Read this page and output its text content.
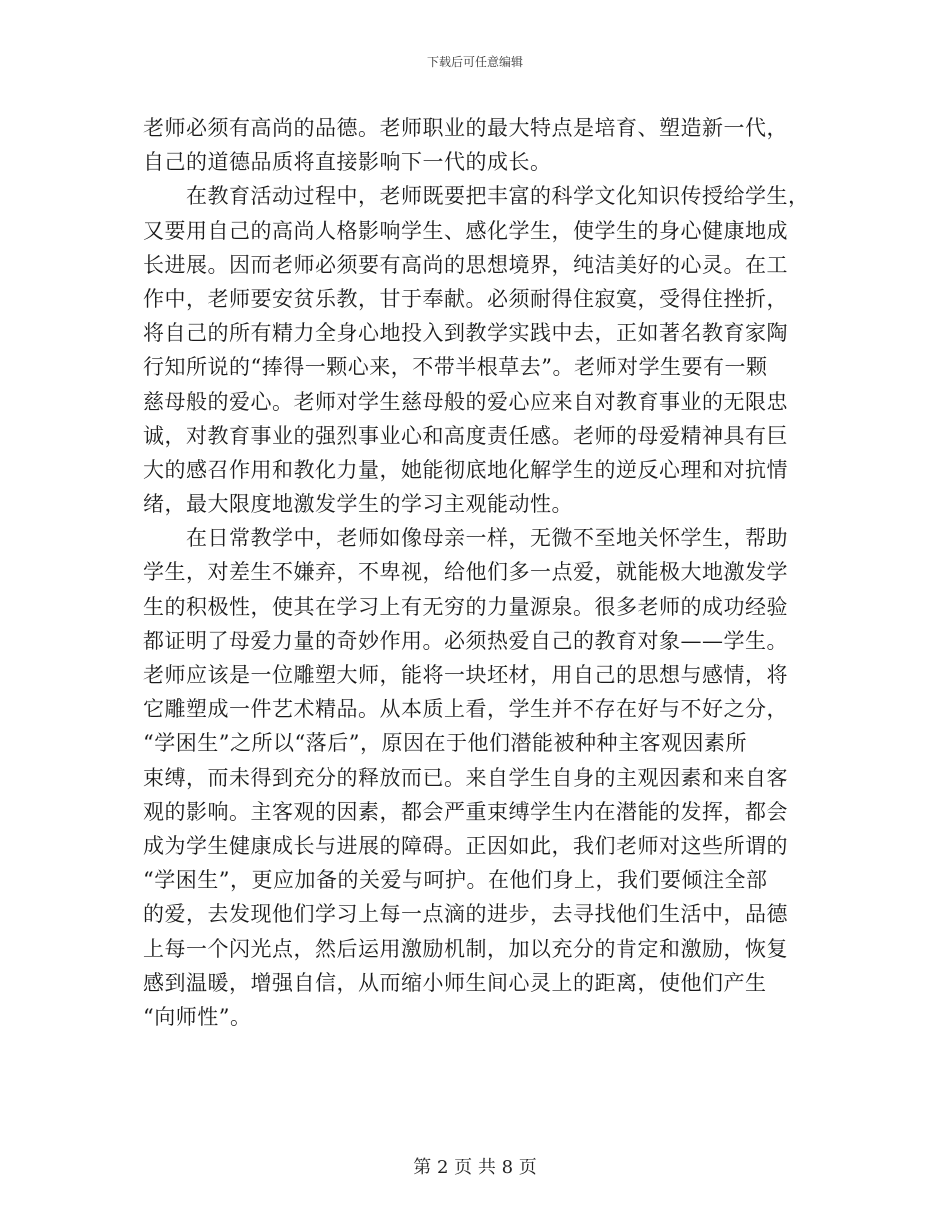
下载后可任意编辑
老师必须有高尚的品德。老师职业的最大特点是培育、塑造新一代，
自己的道德品质将直接影响下一代的成长。
　　在教育活动过程中，老师既要把丰富的科学文化知识传授给学生，
又要用自己的高尚人格影响学生、感化学生，使学生的身心健康地成
长进展。因而老师必须要有高尚的思想境界，纯洁美好的心灵。在工
作中，老师要安贫乐教，甘于奉献。必须耐得住寂寞，受得住挫折，
将自己的所有精力全身心地投入到教学实践中去，正如著名教育家陶
行知所说的“捧得一颗心来，不带半根草去”。老师对学生要有一颗
慈母般的爱心。老师对学生慈母般的爱心应来自对教育事业的无限忠
诚，对教育事业的强烈事业心和高度责任感。老师的母爱精神具有巨
大的感召作用和教化力量，她能彻底地化解学生的逆反心理和对抗情
绪，最大限度地激发学生的学习主观能动性。
　　在日常教学中，老师如像母亲一样，无微不至地关怀学生，帮助
学生，对差生不嫌弃，不卑视，给他们多一点爱，就能极大地激发学
生的积极性，使其在学习上有无穷的力量源泉。很多老师的成功经验
都证明了母爱力量的奇妙作用。必须热爱自己的教育对象——学生。
老师应该是一位雕塑大师，能将一块坯材，用自己的思想与感情，将
它雕塑成一件艺术精品。从本质上看，学生并不存在好与不好之分，
“学困生”之所以“落后”，原因在于他们潜能被种种主客观因素所
束缚，而未得到充分的释放而已。来自学生自身的主观因素和来自客
观的影响。主客观的因素，都会严重束缚学生内在潜能的发挥，都会
成为学生健康成长与进展的障碍。正因如此，我们老师对这些所谓的
“学困生”，更应加备的关爱与呵护。在他们身上，我们要倾注全部
的爱，去发现他们学习上每一点滴的进步，去寻找他们生活中，品德
上每一个闪光点，然后运用激励机制，加以充分的肯定和激励，恢复
感到温暖，增强自信，从而缩小师生间心灵上的距离，使他们产生
“向师性”。
第 2 页 共 8 页
